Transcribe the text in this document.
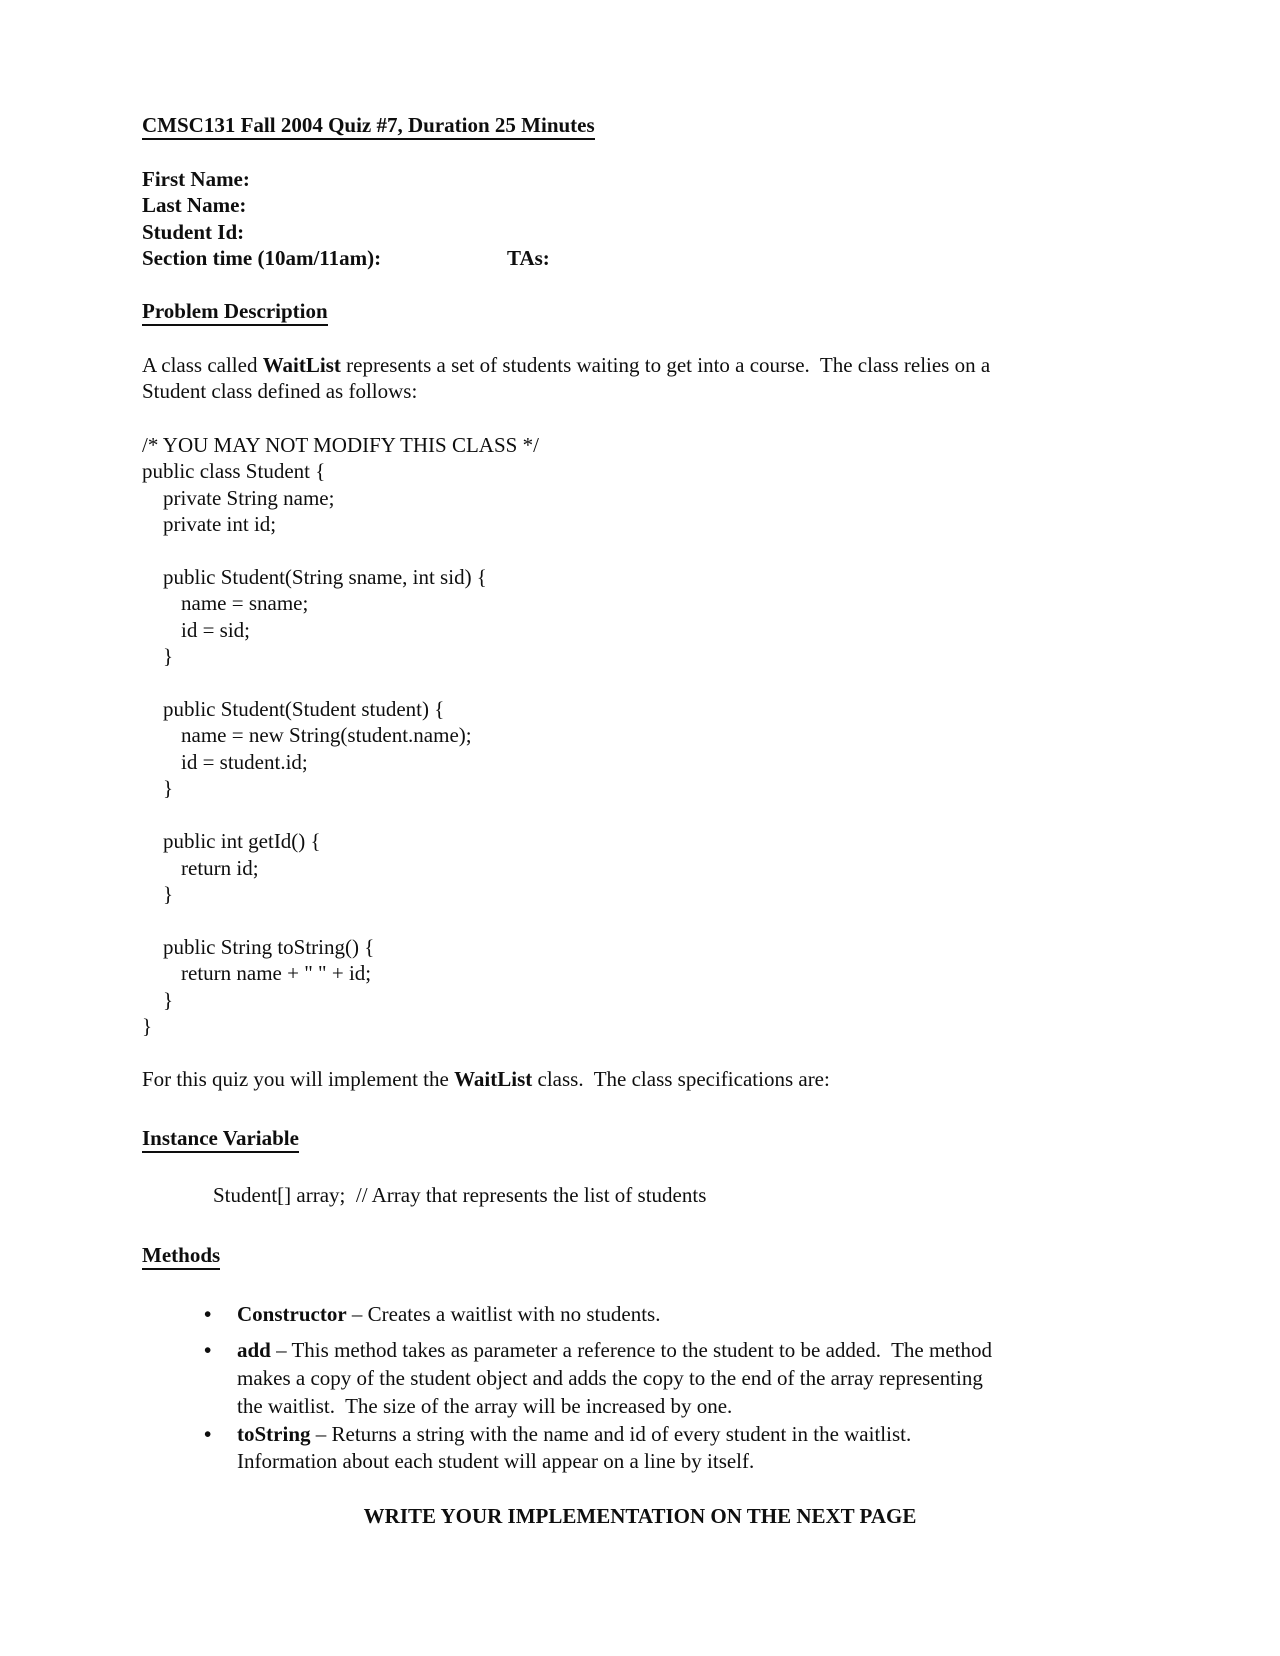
CMSC131 Fall 2004 Quiz #7, Duration 25 Minutes
First Name:
Last Name:
Student Id:
Section time (10am/11am):	TAs:
Problem Description
A class called WaitList represents a set of students waiting to get into a course.  The class relies on a
Student class defined as follows:
/* YOU MAY NOT MODIFY THIS CLASS */
public class Student {
private String name;
private int id;

public Student(String sname, int sid) {
name = sname;
id = sid;
}

public Student(Student student) {
name = new String(student.name);
id = student.id;
}

public int getId() {
return id;
}

public String toString() {
return name + " " + id;
}
}
For this quiz you will implement the WaitList class.  The class specifications are:
Instance Variable
Student[] array;  // Array that represents the list of students
Methods
• Constructor – Creates a waitlist with no students.
• add – This method takes as parameter a reference to the student to be added.  The method
makes a copy of the student object and adds the copy to the end of the array representing
the waitlist.  The size of the array will be increased by one.
• toString – Returns a string with the name and id of every student in the waitlist.
Information about each student will appear on a line by itself.
WRITE YOUR IMPLEMENTATION ON THE NEXT PAGE
